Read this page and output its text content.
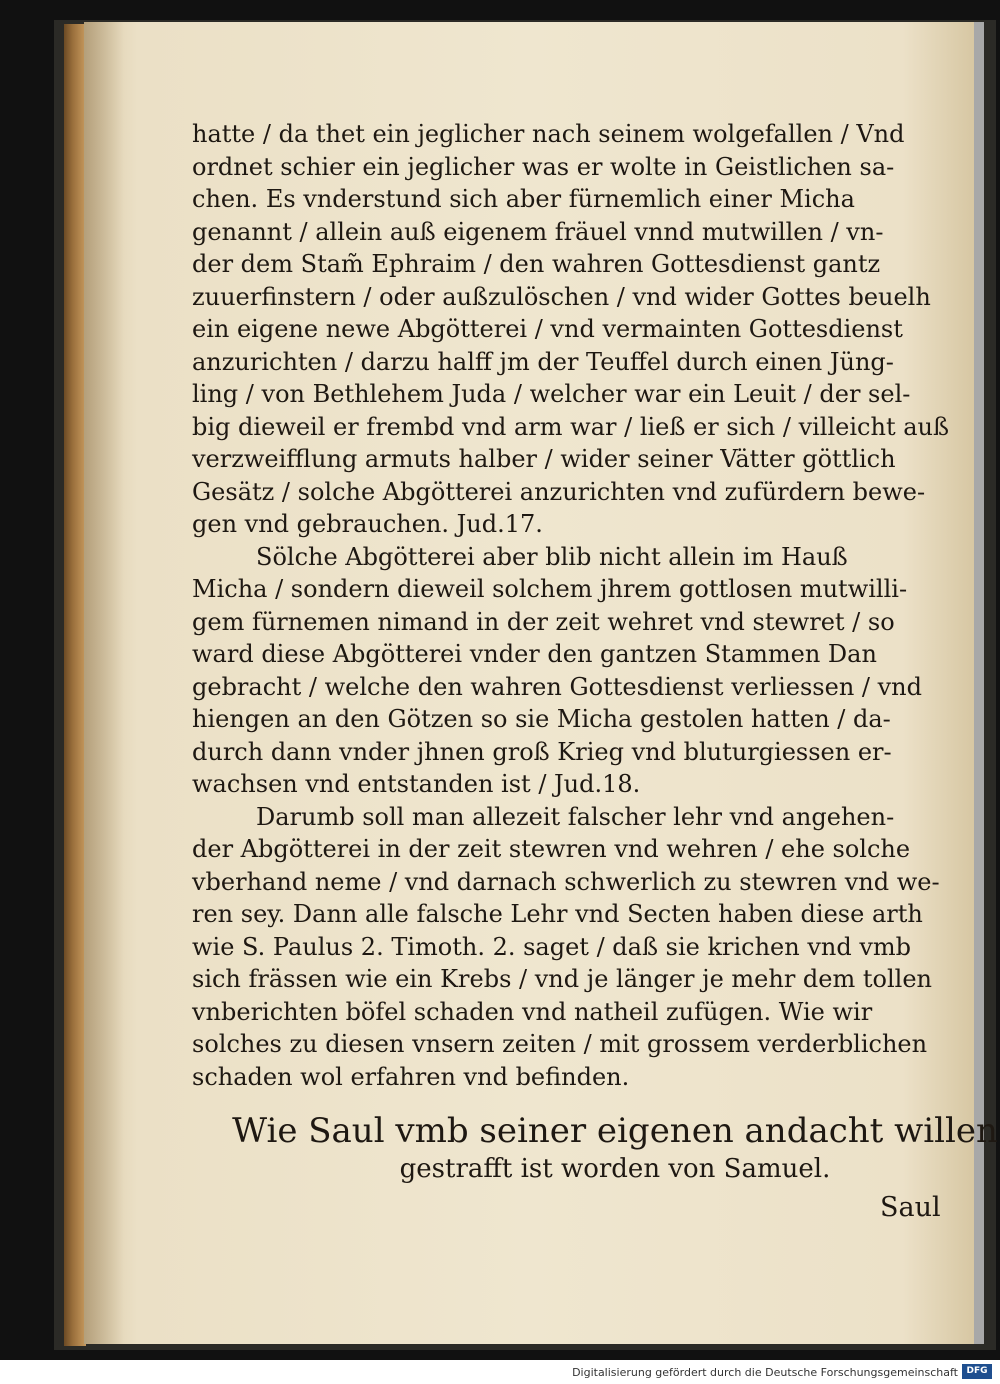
hatte / da thet ein jeglicher nach seinem wolgefallen / Vnd
ordnet schier ein jeglicher was er wolte in Geistlichen sa-
chen. Es vnderstund sich aber fürnemlich einer Micha
genannt / allein auß eigenem fräuel vnnd mutwillen / vn-
der dem Stam̃ Ephraim / den wahren Gottesdienst gantz
zuuerfinstern / oder außzulöschen / vnd wider Gottes beuelh
ein eigene newe Abgötterei / vnd vermainten Gottesdienst
anzurichten / darzu halff jm der Teuffel durch einen Jüng-
ling / von Bethlehem Juda / welcher war ein Leuit / der sel-
big dieweil er frembd vnd arm war / ließ er sich / villeicht auß
verzweifflung armuts halber / wider seiner Vätter göttlich
Gesätz / solche Abgötterei anzurichten vnd zufürdern bewe-
gen vnd gebrauchen. Jud.17.

Sölche Abgötterei aber blib nicht allein im Hauß
Micha / sondern dieweil solchem jhrem gottlosen mutwilli-
gem fürnemen nimand in der zeit wehret vnd stewret / so
ward diese Abgötterei vnder den gantzen Stammen Dan
gebracht / welche den wahren Gottesdienst verliessen / vnd
hiengen an den Götzen so sie Micha gestolen hatten / da-
durch dann vnder jhnen groß Krieg vnd bluturgiessen er-
wachsen vnd entstanden ist / Jud.18.

Darumb soll man allezeit falscher lehr vnd angehen-
der Abgötterei in der zeit stewren vnd wehren / ehe solche
vberhand neme / vnd darnach schwerlich zu stewren vnd we-
ren sey. Dann alle falsche Lehr vnd Secten haben diese arth
wie S. Paulus 2. Timoth. 2. saget / daß sie krichen vnd vmb
sich frässen wie ein Krebs / vnd je länger je mehr dem tollen
vnberichten böfel schaden vnd natheil zufügen. Wie wir
solches zu diesen vnsern zeiten / mit grossem verderblichen
schaden wol erfahren vnd befinden.

Wie Saul vmb seiner eigenen andacht willen
gestrafft ist worden von Samuel.
Saul
Digitalisierung gefördert durch die Deutsche Forschungsgemeinschaft DFG
